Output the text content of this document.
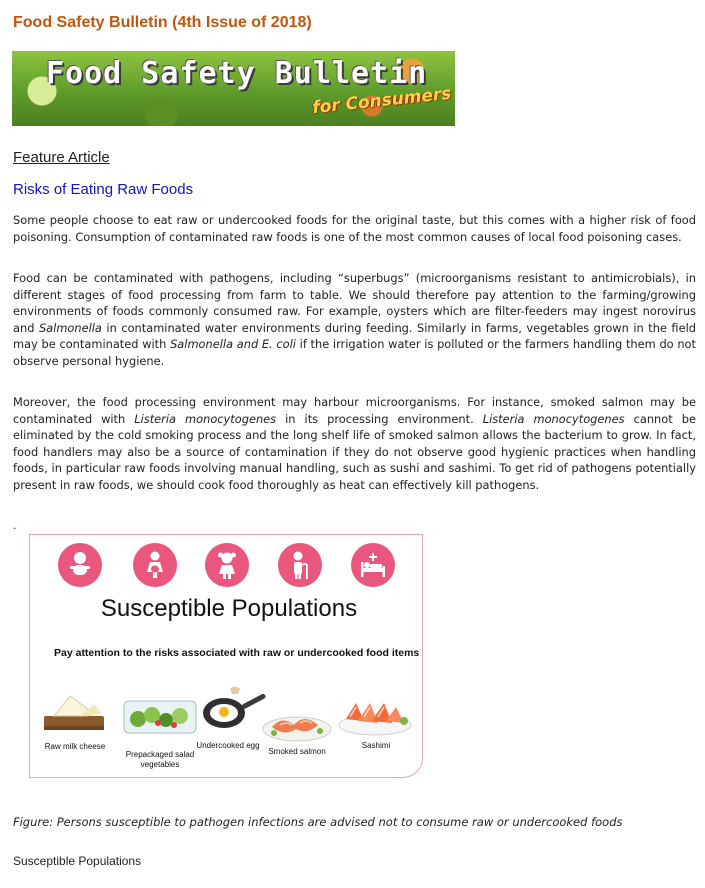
Food Safety Bulletin (4th Issue of 2018)
Food Safety Bulletin
for Consumers
Feature Article
Risks of Eating Raw Foods

Some people choose to eat raw or undercooked foods for the original taste, but this comes with a higher risk of food poisoning. Consumption of contaminated raw foods is one of the most common causes of local food poisoning cases.

Food can be contaminated with pathogens, including “superbugs” (microorganisms resistant to antimicrobials), in different stages of food processing from farm to table. We should therefore pay attention to the farming/growing environments of foods commonly consumed raw. For example, oysters which are filter-feeders may ingest norovirus and Salmonella in contaminated water environments during feeding. Similarly in farms, vegetables grown in the field may be contaminated with Salmonella and E. coli if the irrigation water is polluted or the farmers handling them do not observe personal hygiene.

Moreover, the food processing environment may harbour microorganisms. For instance, smoked salmon may be contaminated with Listeria monocytogenes in its processing environment. Listeria monocytogenes cannot be eliminated by the cold smoking process and the long shelf life of smoked salmon allows the bacterium to grow. In fact, food handlers may also be a source of contamination if they do not observe good hygienic practices when handling foods, in particular raw foods involving manual handling, such as sushi and sashimi. To get rid of pathogens potentially present in raw foods, we should cook food thoroughly as heat can effectively kill pathogens.

.
Susceptible Populations
Pay attention to the risks associated with raw or undercooked food items
Raw milk cheese
Prepackaged salad vegetables
Undercooked egg
Smoked salmon
Sashimi
Figure: Persons susceptible to pathogen infections are advised not to consume raw or undercooked foods
Susceptible Populations
